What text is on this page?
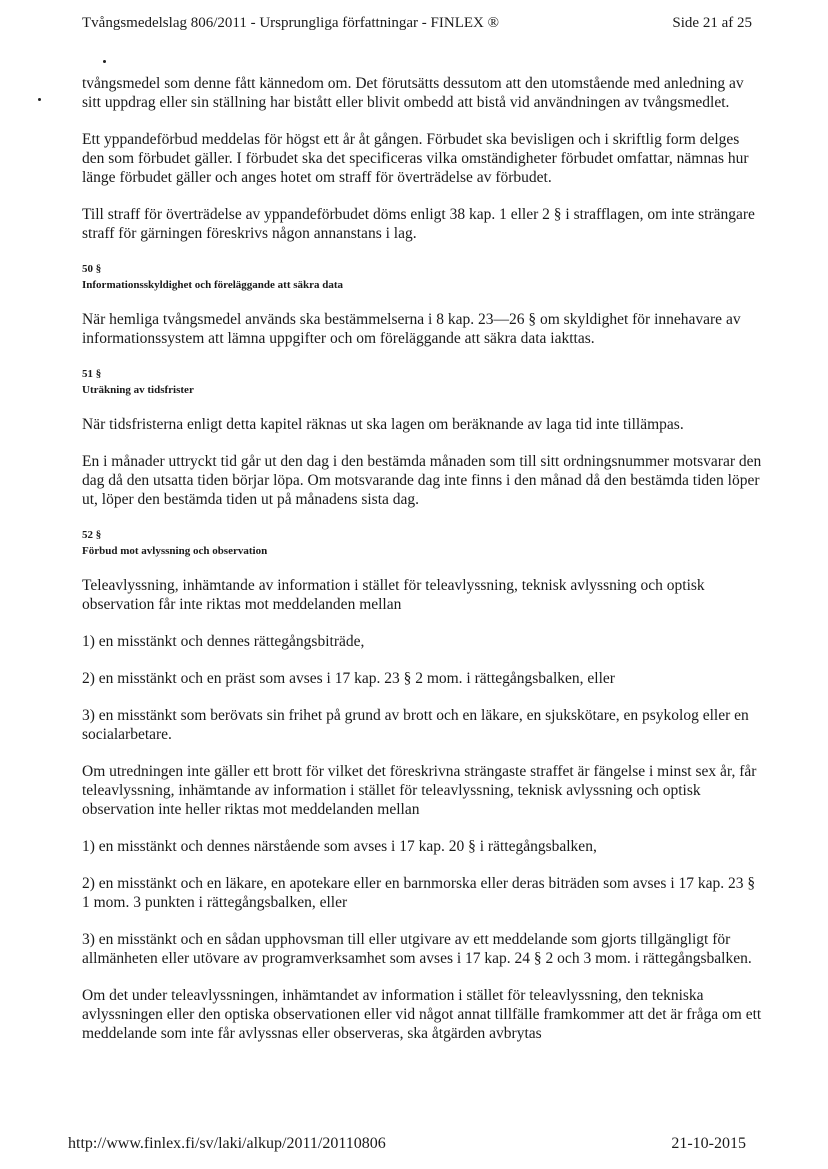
Tvångsmedelslag 806/2011 - Ursprungliga författningar - FINLEX ®	Side 21 af 25

tvångsmedel som denne fått kännedom om. Det förutsätts dessutom att den utomstående med anledning av sitt uppdrag eller sin ställning har bistått eller blivit ombedd att bistå vid användningen av tvångsmedlet.

Ett yppandeförbud meddelas för högst ett år åt gången. Förbudet ska bevisligen och i skriftlig form delges den som förbudet gäller. I förbudet ska det specificeras vilka omständigheter förbudet omfattar, nämnas hur länge förbudet gäller och anges hotet om straff för överträdelse av förbudet.

Till straff för överträdelse av yppandeförbudet döms enligt 38 kap. 1 eller 2 § i strafflagen, om inte strängare straff för gärningen föreskrivs någon annanstans i lag.

50 §
Informationsskyldighet och föreläggande att säkra data

När hemliga tvångsmedel används ska bestämmelserna i 8 kap. 23—26 § om skyldighet för innehavare av informationssystem att lämna uppgifter och om föreläggande att säkra data iakttas.

51 §
Uträkning av tidsfrister

När tidsfristerna enligt detta kapitel räknas ut ska lagen om beräknande av laga tid inte tillämpas.

En i månader uttryckt tid går ut den dag i den bestämda månaden som till sitt ordningsnummer motsvarar den dag då den utsatta tiden börjar löpa. Om motsvarande dag inte finns i den månad då den bestämda tiden löper ut, löper den bestämda tiden ut på månadens sista dag.

52 §
Förbud mot avlyssning och observation

Teleavlyssning, inhämtande av information i stället för teleavlyssning, teknisk avlyssning och optisk observation får inte riktas mot meddelanden mellan

1) en misstänkt och dennes rättegångsbiträde,

2) en misstänkt och en präst som avses i 17 kap. 23 § 2 mom. i rättegångsbalken, eller

3) en misstänkt som berövats sin frihet på grund av brott och en läkare, en sjukskötare, en psykolog eller en socialarbetare.

Om utredningen inte gäller ett brott för vilket det föreskrivna strängaste straffet är fängelse i minst sex år, får teleavlyssning, inhämtande av information i stället för teleavlyssning, teknisk avlyssning och optisk observation inte heller riktas mot meddelanden mellan

1) en misstänkt och dennes närstående som avses i 17 kap. 20 § i rättegångsbalken,

2) en misstänkt och en läkare, en apotekare eller en barnmorska eller deras biträden som avses i 17 kap. 23 § 1 mom. 3 punkten i rättegångsbalken, eller

3) en misstänkt och en sådan upphovsman till eller utgivare av ett meddelande som gjorts tillgängligt för allmänheten eller utövare av programverksamhet som avses i 17 kap. 24 § 2 och 3 mom. i rättegångsbalken.

Om det under teleavlyssningen, inhämtandet av information i stället för teleavlyssning, den tekniska avlyssningen eller den optiska observationen eller vid något annat tillfälle framkommer att det är fråga om ett meddelande som inte får avlyssnas eller observeras, ska åtgärden avbrytas

http://www.finlex.fi/sv/laki/alkup/2011/20110806	21-10-2015
